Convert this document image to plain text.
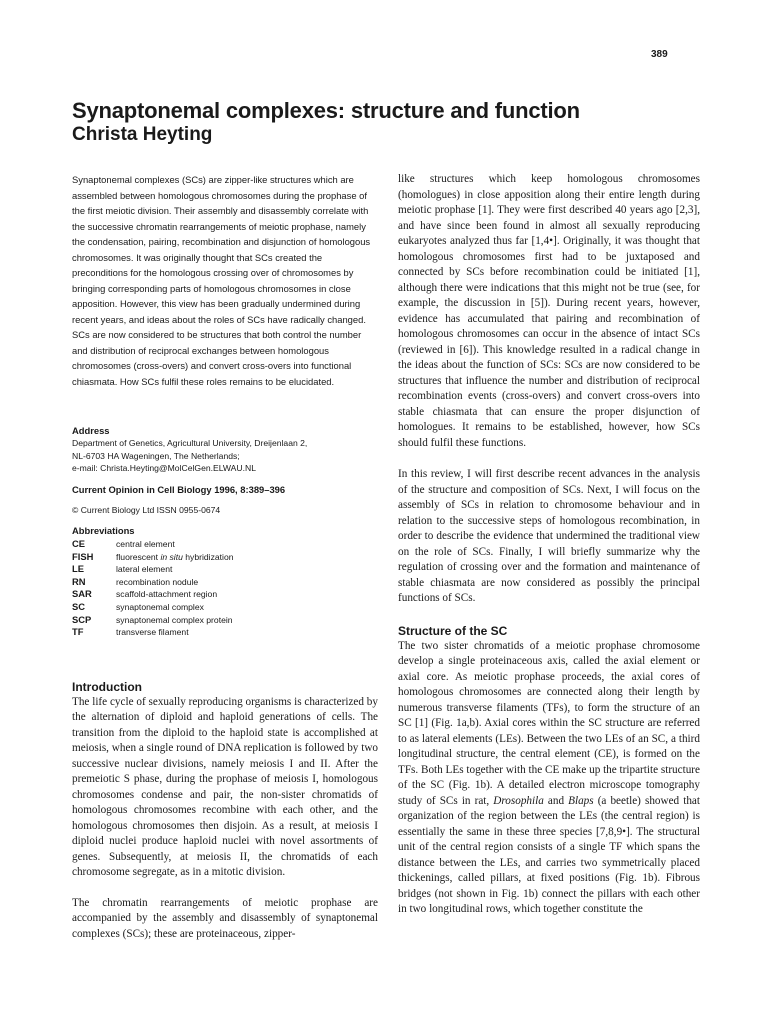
389
Synaptonemal complexes: structure and function
Christa Heyting

Synaptonemal complexes (SCs) are zipper-like structures which are assembled between homologous chromosomes during the prophase of the first meiotic division. Their assembly and disassembly correlate with the successive chromatin rearrangements of meiotic prophase, namely the condensation, pairing, recombination and disjunction of homologous chromosomes. It was originally thought that SCs created the preconditions for the homologous crossing over of chromosomes by bringing corresponding parts of homologous chromosomes in close apposition. However, this view has been gradually undermined during recent years, and ideas about the roles of SCs have radically changed. SCs are now considered to be structures that both control the number and distribution of reciprocal exchanges between homologous chromosomes (cross-overs) and convert cross-overs into functional chiasmata. How SCs fulfil these roles remains to be elucidated.

Address

Department of Genetics, Agricultural University, Dreijenlaan 2,

NL-6703 HA Wageningen, The Netherlands;

e-mail: Christa.Heyting@MolCelGen.ELWAU.NL

Current Opinion in Cell Biology 1996, 8:389–396

© Current Biology Ltd ISSN 0955-0674

Abbreviations

CE	central element
FISH	fluorescent in situ hybridization
LE	lateral element
RN	recombination nodule
SAR	scaffold-attachment region
SC	synaptonemal complex
SCP	synaptonemal complex protein
TF	transverse filament
Introduction

The life cycle of sexually reproducing organisms is characterized by the alternation of diploid and haploid generations of cells. The transition from the diploid to the haploid state is accomplished at meiosis, when a single round of DNA replication is followed by two successive nuclear divisions, namely meiosis I and II. After the premeiotic S phase, during the prophase of meiosis I, homologous chromosomes condense and pair, the non-sister chromatids of homologous chromosomes recombine with each other, and the homologous chromosomes then disjoin. As a result, at meiosis I diploid nuclei produce haploid nuclei with novel assortments of genes. Subsequently, at meiosis II, the chromatids of each chromosome segregate, as in a mitotic division.

The chromatin rearrangements of meiotic prophase are accompanied by the assembly and disassembly of synaptonemal complexes (SCs); these are proteinaceous, zipper-

like structures which keep homologous chromosomes (homologues) in close apposition along their entire length during meiotic prophase [1]. They were first described 40 years ago [2,3], and have since been found in almost all sexually reproducing eukaryotes analyzed thus far [1,4•]. Originally, it was thought that homologous chromosomes first had to be juxtaposed and connected by SCs before recombination could be initiated [1], although there were indications that this might not be true (see, for example, the discussion in [5]). During recent years, however, evidence has accumulated that pairing and recombination of homologous chromosomes can occur in the absence of intact SCs (reviewed in [6]). This knowledge resulted in a radical change in the ideas about the function of SCs: SCs are now considered to be structures that influence the number and distribution of reciprocal recombination events (cross-overs) and convert cross-overs into stable chiasmata that can ensure the proper disjunction of homologues. It remains to be established, however, how SCs should fulfil these functions.

In this review, I will first describe recent advances in the analysis of the structure and composition of SCs. Next, I will focus on the assembly of SCs in relation to chromosome behaviour and in relation to the successive steps of homologous recombination, in order to describe the evidence that undermined the traditional view on the role of SCs. Finally, I will briefly summarize why the regulation of crossing over and the formation and maintenance of stable chiasmata are now considered as possibly the principal functions of SCs.

Structure of the SC

The two sister chromatids of a meiotic prophase chromosome develop a single proteinaceous axis, called the axial element or axial core. As meiotic prophase proceeds, the axial cores of homologous chromosomes are connected along their length by numerous transverse filaments (TFs), to form the structure of an SC [1] (Fig. 1a,b). Axial cores within the SC structure are referred to as lateral elements (LEs). Between the two LEs of an SC, a third longitudinal structure, the central element (CE), is formed on the TFs. Both LEs together with the CE make up the tripartite structure of the SC (Fig. 1b). A detailed electron microscope tomography study of SCs in rat, Drosophila and Blaps (a beetle) showed that organization of the region between the LEs (the central region) is essentially the same in these three species [7,8,9•]. The structural unit of the central region consists of a single TF which spans the distance between the LEs, and carries two symmetrically placed thickenings, called pillars, at fixed positions (Fig. 1b). Fibrous bridges (not shown in Fig. 1b) connect the pillars with each other in two longitudinal rows, which together constitute the
